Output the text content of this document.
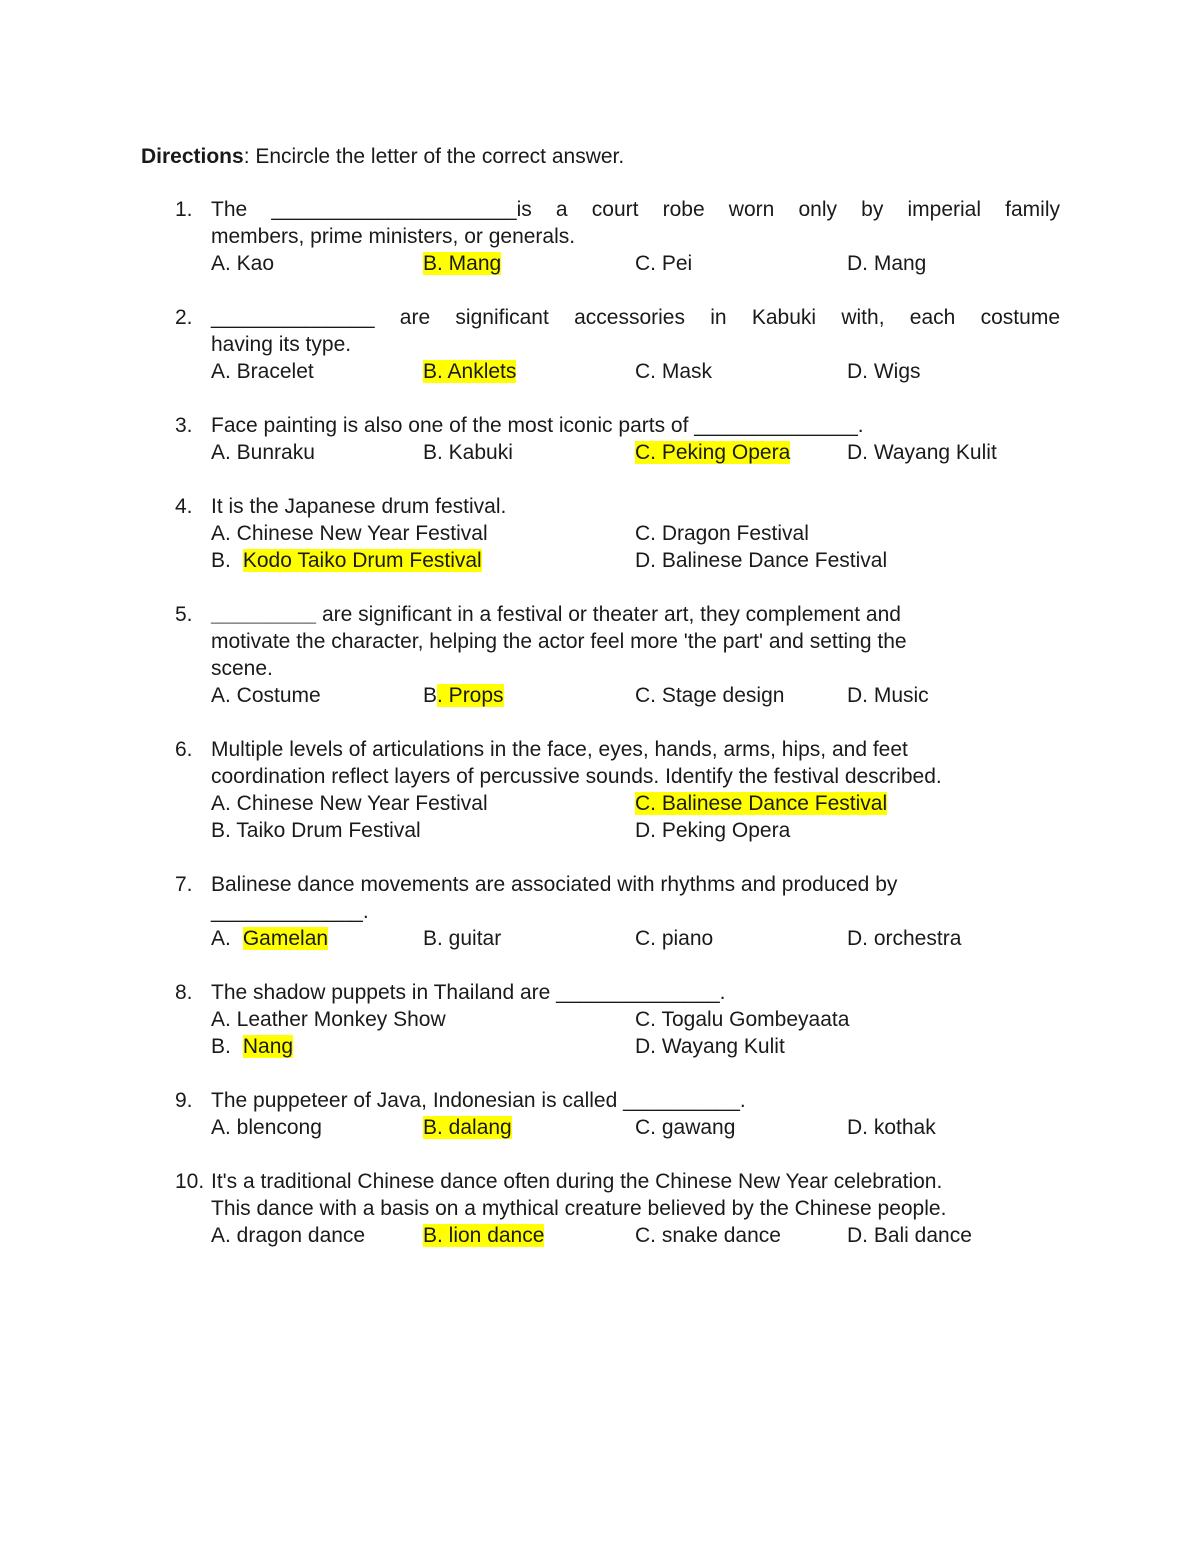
Directions: Encircle the letter of the correct answer.
1. The _____________________is a court robe worn only by imperial family
members, prime ministers, or generals.
A. Kao	B. Mang	C. Pei	D. Mang
2. ______________ are significant accessories in Kabuki with, each costume
having its type.
A. Bracelet	B. Anklets	C. Mask	D. Wigs
3. Face painting is also one of the most iconic parts of ______________.
A. Bunraku	B. Kabuki	C. Peking Opera	D. Wayang Kulit
4. It is the Japanese drum festival.
A. Chinese New Year Festival	C. Dragon Festival
B. Kodo Taiko Drum Festival	D. Balinese Dance Festival
5. _________ are significant in a festival or theater art, they complement and
motivate the character, helping the actor feel more 'the part' and setting the
scene.
A. Costume	B. Props	C. Stage design	D. Music
6. Multiple levels of articulations in the face, eyes, hands, arms, hips, and feet
coordination reflect layers of percussive sounds. Identify the festival described.
A. Chinese New Year Festival	C. Balinese Dance Festival
B. Taiko Drum Festival	D. Peking Opera
7. Balinese dance movements are associated with rhythms and produced by
_____________.
A. Gamelan	B. guitar	C. piano	D. orchestra
8. The shadow puppets in Thailand are ______________.
A. Leather Monkey Show	C. Togalu Gombeyaata
B. Nang	D. Wayang Kulit
9. The puppeteer of Java, Indonesian is called __________.
A. blencong	B. dalang	C. gawang	D. kothak
10. It's a traditional Chinese dance often during the Chinese New Year celebration.
This dance with a basis on a mythical creature believed by the Chinese people.
A. dragon dance	B. lion dance	C. snake dance	D. Bali dance
